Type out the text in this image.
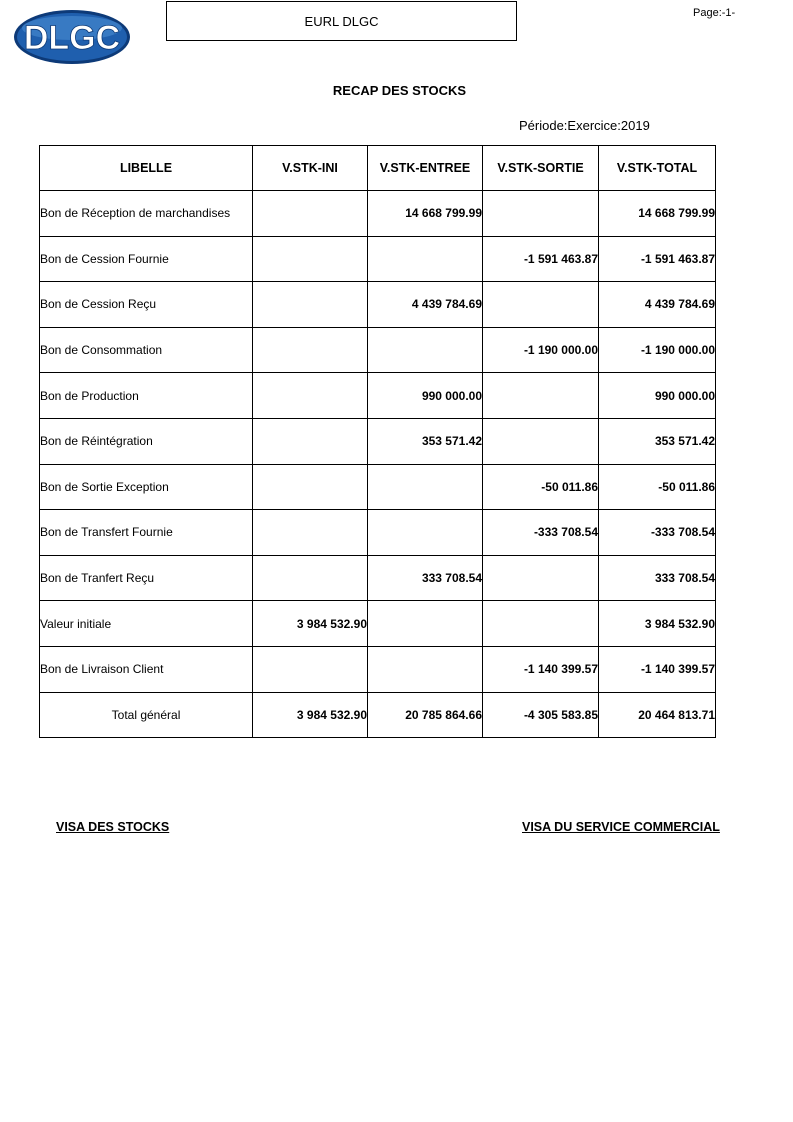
DLGC	EURL DLGC
Page:-1-
RECAP DES STOCKS
Période:Exercice:2019
LIBELLE	V.STK-INI	V.STK-ENTREE	V.STK-SORTIE	V.STK-TOTAL
Bon de Réception de marchandises		14 668 799.99		14 668 799.99
Bon de Cession Fournie			-1 591 463.87	-1 591 463.87
Bon de Cession Reçu		4 439 784.69		4 439 784.69
Bon de Consommation			-1 190 000.00	-1 190 000.00
Bon de Production		990 000.00		990 000.00
Bon de Réintégration		353 571.42		353 571.42
Bon de Sortie Exception			-50 011.86	-50 011.86
Bon de Transfert Fournie			-333 708.54	-333 708.54
Bon de Tranfert Reçu		333 708.54		333 708.54
Valeur initiale	3 984 532.90			3 984 532.90
Bon de Livraison Client			-1 140 399.57	-1 140 399.57
Total général	3 984 532.90	20 785 864.66	-4 305 583.85	20 464 813.71
VISA DES STOCKS	VISA DU SERVICE COMMERCIAL
